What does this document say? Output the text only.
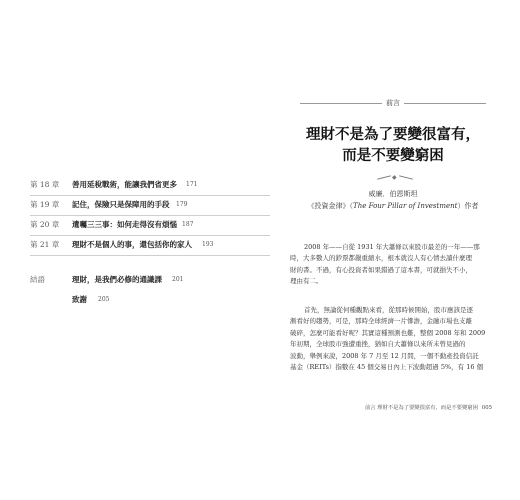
第 18 章 善用延稅戰術，能讓我們省更多 171
第 19 章 記住，保險只是保障用的手段 179
第 20 章 遺囑三三事：如何走得沒有煩惱 187
第 21 章 理財不是個人的事，還包括你的家人 193
結語	理財，是我們必修的通識課 201
致謝 205
前言
理財不是為了要變很富有，
而是不要變窮困
◆
威廉．伯恩斯坦
《投資金律》（The Four Pillar of Investment）作者
2008 年——自從 1931 年大蕭條以來股市最差的一年——那
時，大多數人的鈔票都嚴重縮水，根本就沒人有心情去讀什麼理
財的書。不過，有心投資者如果錯過了這本書，可就損失不小，
理由有二。
首先，無論從何種觀點來看，從那時候開始，股市應該是逐
漸看好的趨勢，可是，那時全球經濟一片慘澹，金融市場也支離
破碎，怎麼可能看好呢？其實這種預測也難，整個 2008 年和 2009
年初期，全球股市強遭重挫，猶如自大蕭條以來所未曾見過的
波動，舉例來說，2008 年 7 月至 12 月間，一個不動產投資信託
基金（REITs）指數在 45 個交易日內上下波動超過 5%，有 16 個
前言 理財不是為了要變很富有，而是不要變窮困 005
